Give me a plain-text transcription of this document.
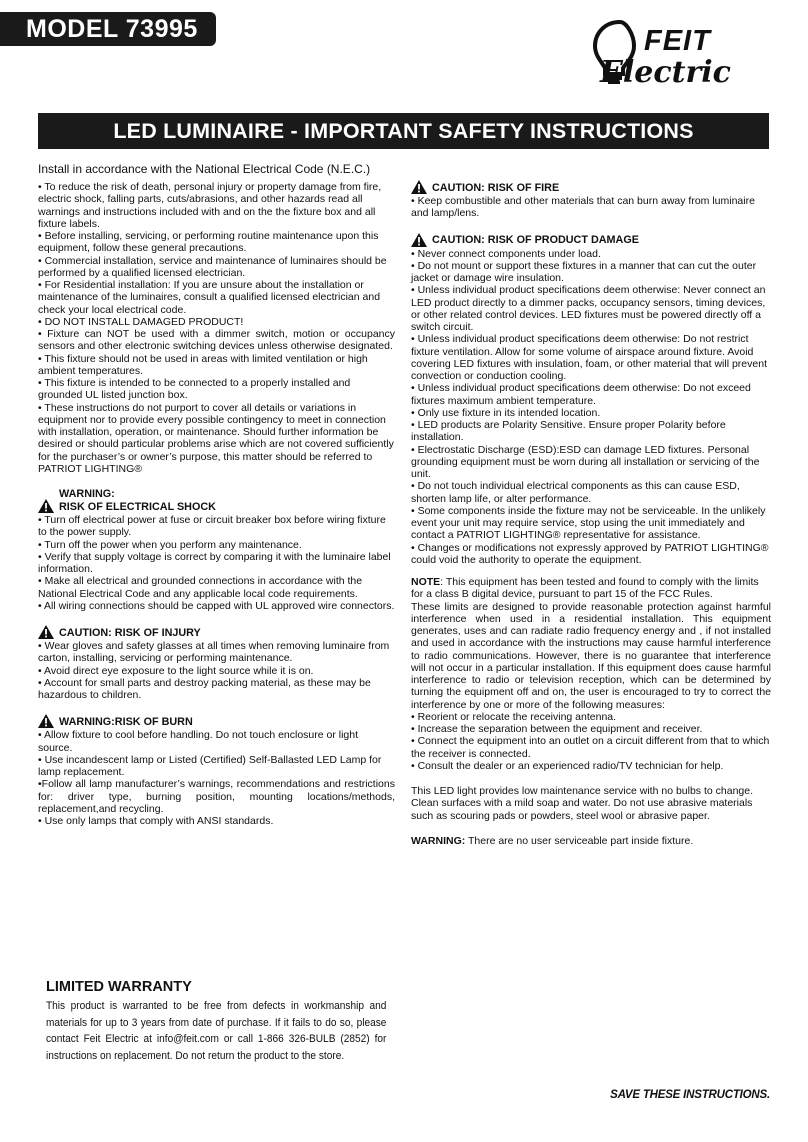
MODEL 73995	FEIT
Electric
LED LUMINAIRE - IMPORTANT SAFETY INSTRUCTIONS

Install in accordance with the National Electrical Code (N.E.C.)

• To reduce the risk of death, personal injury or property damage from fire, electric shock, falling parts, cuts/abrasions, and other hazards read all warnings and instructions included with and on the the fixture box and all fixture labels.

• Before installing, servicing, or performing routine maintenance upon this equipment, follow these general precautions.

• Commercial installation, service and maintenance of luminaires should be performed by a qualified licensed electrician.

• For Residential installation: If you are unsure about the installation or maintenance of the luminaires, consult a qualified licensed electrician and check your local electrical code.

• DO NOT INSTALL DAMAGED PRODUCT!

• Fixture can NOT be used with a dimmer switch, motion or occupancy sensors and other electronic switching devices unless otherwise designated.

• This fixture should not be used in areas with limited ventilation or high ambient temperatures.

• This fixture is intended to be connected to a properly installed and grounded UL listed junction box.

• These instructions do not purport to cover all details or variations in equipment nor to provide every possible contingency to meet in connection with installation, operation, or maintenance. Should further information be desired or should particular problems arise which are not covered sufficiently for the purchaser’s or owner’s purpose, this matter should be referred to PATRIOT LIGHTING®

WARNING:
RISK OF ELECTRICAL SHOCK

• Turn off electrical power at fuse or circuit breaker box before wiring fixture to the power supply.

• Turn off the power when you perform any maintenance.

• Verify that supply voltage is correct by comparing it with the luminaire label information.

• Make all electrical and grounded connections in accordance with the National Electrical Code and any applicable local code requirements.

• All wiring connections should be capped with UL approved wire connectors.

CAUTION: RISK OF INJURY

• Wear gloves and safety glasses at all times when removing luminaire from carton, installing, servicing or performing maintenance.

• Avoid direct eye exposure to the light source while it is on.

• Account for small parts and destroy packing material, as these may be hazardous to children.

WARNING:RISK OF BURN

• Allow fixture to cool before handling. Do not touch enclosure or light source.

• Use incandescent lamp or Listed (Certified) Self-Ballasted LED Lamp for lamp replacement.

•Follow all lamp manufacturer’s warnings, recommendations and restrictions for: driver type, burning position, mounting locations/methods, replacement,and recycling.

• Use only lamps that comply with ANSI standards.

CAUTION: RISK OF FIRE

• Keep combustible and other materials that can burn away from luminaire and lamp/lens.

CAUTION: RISK OF PRODUCT DAMAGE

• Never connect components under load.

• Do not mount or support these fixtures in a manner that can cut the outer jacket or damage wire insulation.

• Unless individual product specifications deem otherwise: Never connect an LED product directly to a dimmer packs, occupancy sensors, timing devices, or other related control devices. LED fixtures must be powered directly off a switch circuit.

• Unless individual product specifications deem otherwise: Do not restrict fixture ventilation. Allow for some volume of airspace around fixture. Avoid covering LED fixtures with insulation, foam, or other material that will prevent convection or conduction cooling.

• Unless individual product specifications deem otherwise: Do not exceed fixtures maximum ambient temperature.

• Only use fixture in its intended location.

• LED products are Polarity Sensitive. Ensure proper Polarity before installation.

• Electrostatic Discharge (ESD):ESD can damage LED fixtures. Personal grounding equipment must be worn during all installation or servicing of the unit.

• Do not touch individual electrical components as this can cause ESD, shorten lamp life, or alter performance.

• Some components inside the fixture may not be serviceable. In the unlikely event your unit may require service, stop using the unit immediately and contact a PATRIOT LIGHTING® representative for assistance.

• Changes or modifications not expressly approved by PATRIOT LIGHTING® could void the authority to operate the equipment.

NOTE: This equipment has been tested and found to comply with the limits for a class B digital device, pursuant to part 15 of the FCC Rules.

These limits are designed to provide reasonable protection against harmful interference when used in a residential installation. This equipment generates, uses and can radiate radio frequency energy and , if not installed and used in accordance with the instructions may cause harmful interference to radio communications. However, there is no guarantee that interference will not occur in a particular installation. If this equipment does cause harmful interference to radio or television reception, which can be determined by turning the equipment off and on, the user is encouraged to try to correct the interference by one or more of the following measures:

• Reorient or relocate the receiving antenna.

• Increase the separation between the equipment and receiver.

• Connect the equipment into an outlet on a circuit different from that to which the receiver is connected.

• Consult the dealer or an experienced radio/TV technician for help.

This LED light provides low maintenance service with no bulbs to change. Clean surfaces with a mild soap and water. Do not use abrasive materials such as scouring pads or powders, steel wool or abrasive paper.

WARNING: There are no user serviceable part inside fixture.

LIMITED WARRANTY

This product is warranted to be free from defects in workmanship and materials for up to 3 years from date of purchase. If it fails to do so, please contact Feit Electric at info@feit.com or call 1-866 326-BULB (2852) for instructions on replacement. Do not return the product to the store.

SAVE THESE INSTRUCTIONS.
